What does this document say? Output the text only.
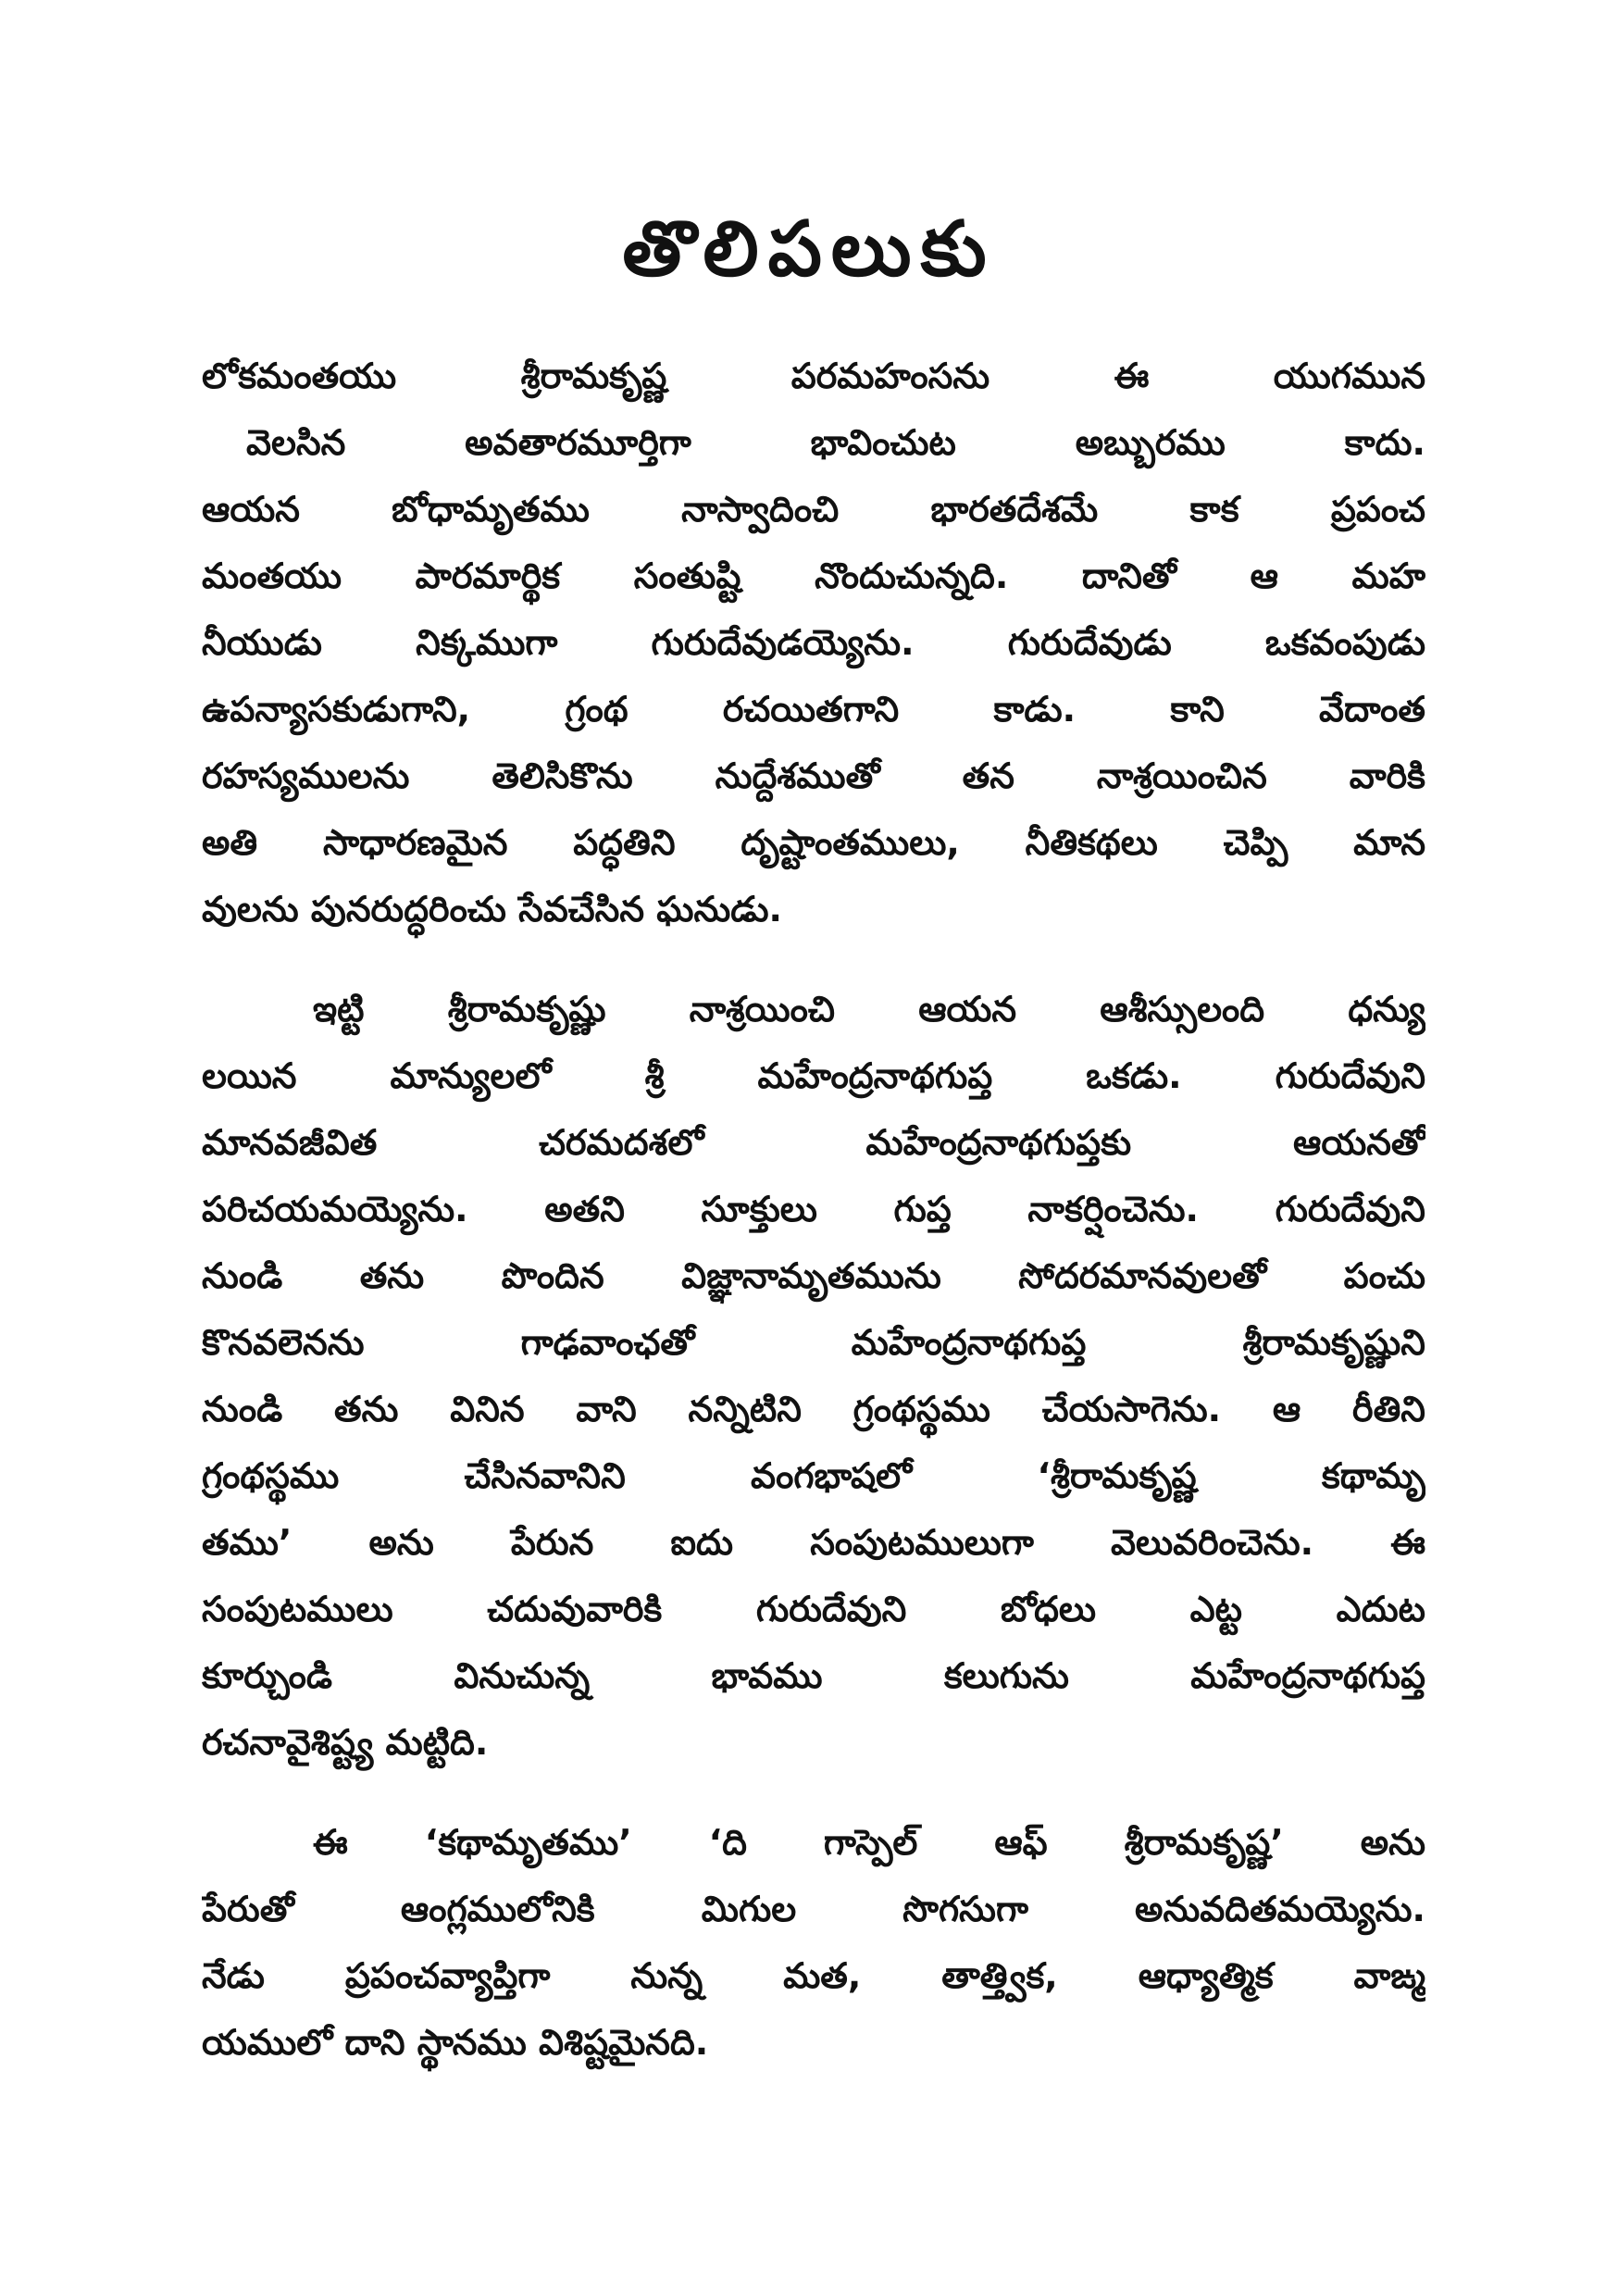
తొలిపలుకు
లోకమంతయు శ్రీరామకృష్ణ పరమహంసను ఈ యుగమున
వెలసిన అవతారమూర్తిగా భావించుట అబ్బురము కాదు.
ఆయన బోధామృతము నాస్వాదించి భారతదేశమే కాక ప్రపంచ
మంతయు పారమార్థిక సంతుష్టి నొందుచున్నది. దానితో ఆ మహ
నీయుడు నిక్కముగా గురుదేవుడయ్యెను. గురుదేవుడు ఒకవంపుడు
ఉపన్యాసకుడుగాని, గ్రంథ రచయితగాని కాడు. కాని వేదాంత
రహస్యములను తెలిసికొను నుద్దేశముతో తన నాశ్రయించిన వారికి
అతి సాధారణమైన పద్ధతిని దృష్టాంతములు, నీతికథలు చెప్పి మాన
వులను పునరుద్ధరించు సేవచేసిన ఘనుడు.
ఇట్టి శ్రీరామకృష్ణు నాశ్రయించి ఆయన ఆశీస్సులంది ధన్యు
లయిన మాన్యులలో శ్రీ మహేంద్రనాథగుప్త ఒకడు. గురుదేవుని
మానవజీవిత చరమదశలో మహేంద్రనాథగుప్తకు ఆయనతో
పరిచయమయ్యెను. అతని సూక్తులు గుప్త నాకర్షించెను. గురుదేవుని
నుండి తను పొందిన విజ్ఞానామృతమును సోదరమానవులతో పంచు
కొనవలెనను గాఢవాంఛతో మహేంద్రనాథగుప్త శ్రీరామకృష్ణుని
నుండి తను వినిన వాని నన్నిటిని గ్రంథస్థము చేయసాగెను. ఆ రీతిని
గ్రంథస్థము చేసినవానిని వంగభాషలో ‘శ్రీరామకృష్ణ కథామృ
తము’ అను పేరున ఐదు సంపుటములుగా వెలువరించెను. ఈ
సంపుటములు చదువువారికి గురుదేవుని బోధలు ఎట్ట ఎదుట
కూర్చుండి వినుచున్న భావము కలుగును మహేంద్రనాథగుప్త
రచనావైశిష్ట్య మట్టిది.
ఈ ‘కథామృతము’ ‘ది గాస్పెల్ ఆఫ్ శ్రీరామకృష్ణ’ అను
పేరుతో ఆంగ్లములోనికి మిగుల సొగసుగా అనువదితమయ్యెను.
నేడు ప్రపంచవ్యాప్తిగా నున్న మత, తాత్త్విక, ఆధ్యాత్మిక వాఙ్మ
యములో దాని స్థానము విశిష్టమైనది.
